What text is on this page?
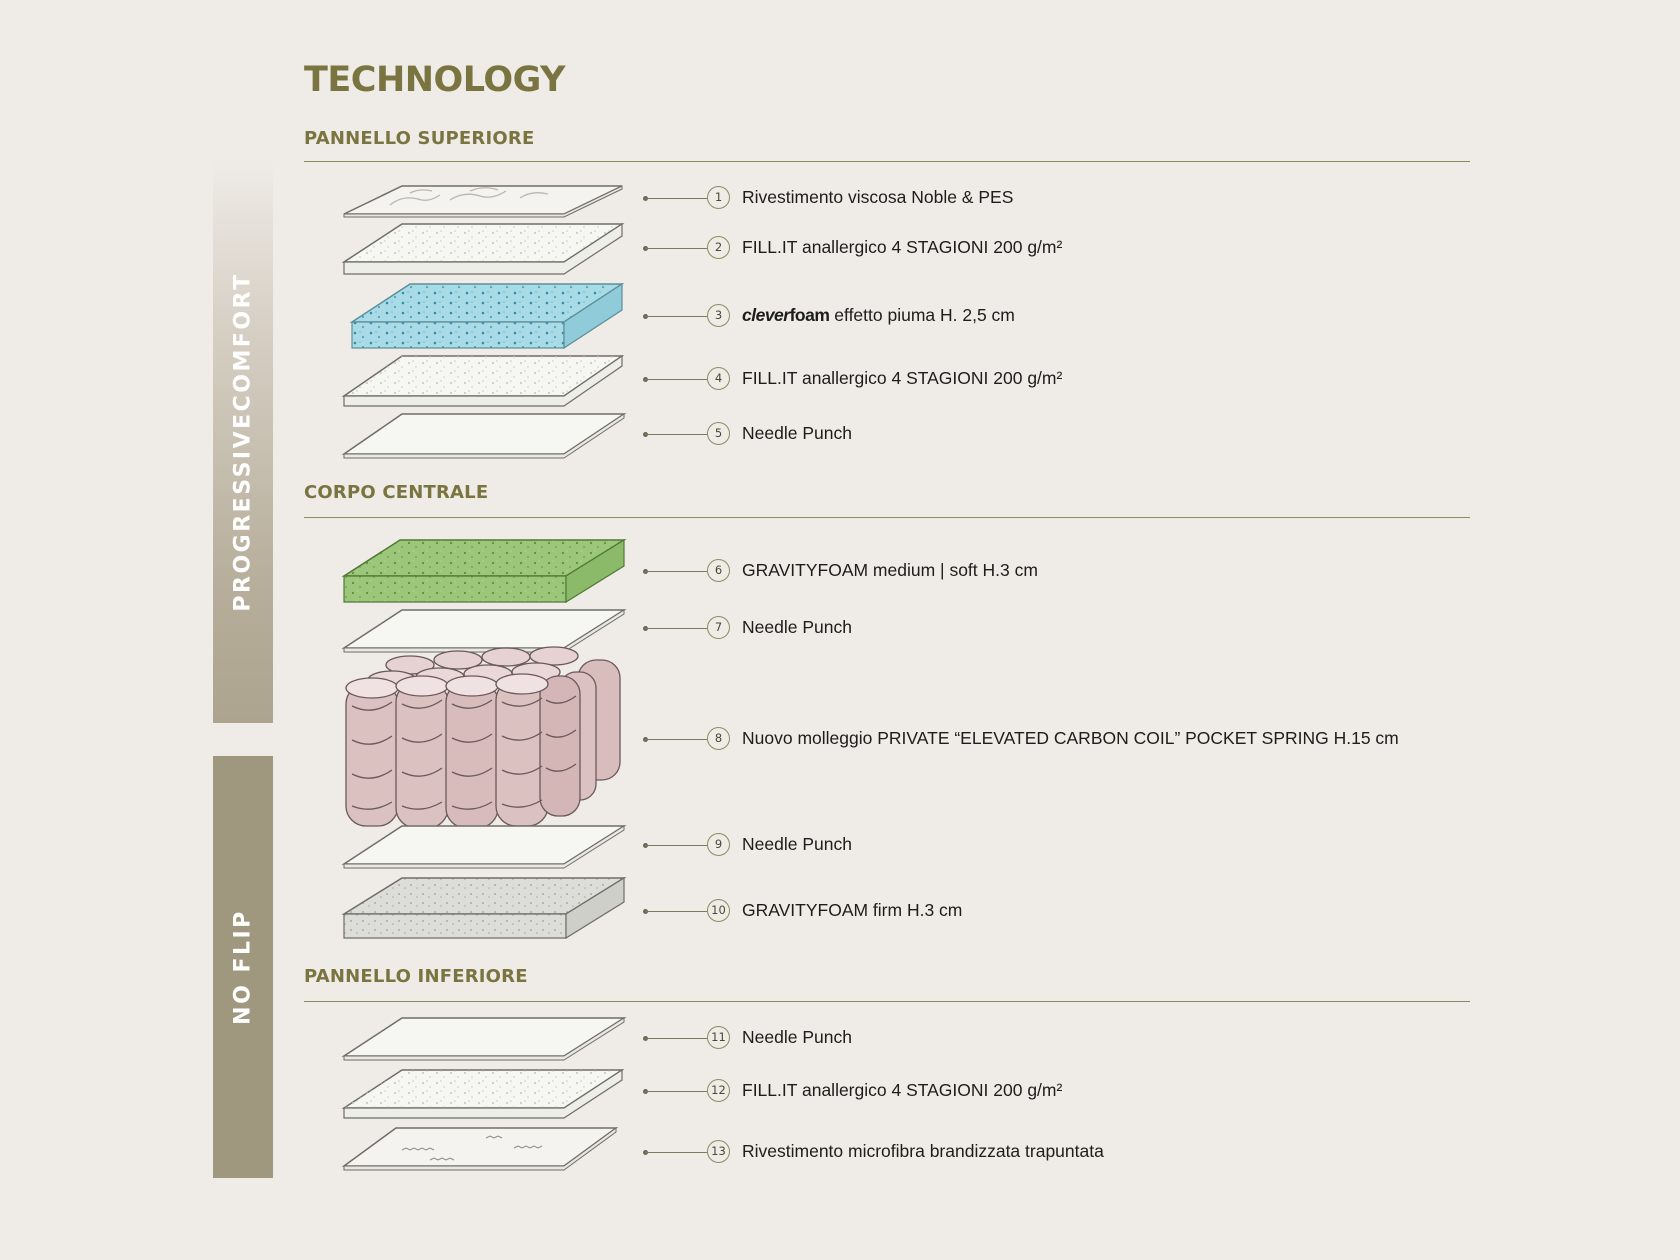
TECHNOLOGY
PROGRESSIVECOMFORT
NO FLIP
PANNELLO SUPERIORE
CORPO CENTRALE
PANNELLO INFERIORE
1	Rivestimento viscosa Noble & PES
2	FILL.IT anallergico 4 STAGIONI 200 g/m²
3	cleverfoam effetto piuma H. 2,5 cm
4	FILL.IT anallergico 4 STAGIONI 200 g/m²
5	Needle Punch
6	GRAVITYFOAM medium | soft H.3 cm
7	Needle Punch
8	Nuovo molleggio PRIVATE “ELEVATED CARBON COIL” POCKET SPRING H.15 cm
9	Needle Punch
10 GRAVITYFOAM firm H.3 cm
11 Needle Punch
12 FILL.IT anallergico 4 STAGIONI 200 g/m²
13 Rivestimento microfibra brandizzata trapuntata
